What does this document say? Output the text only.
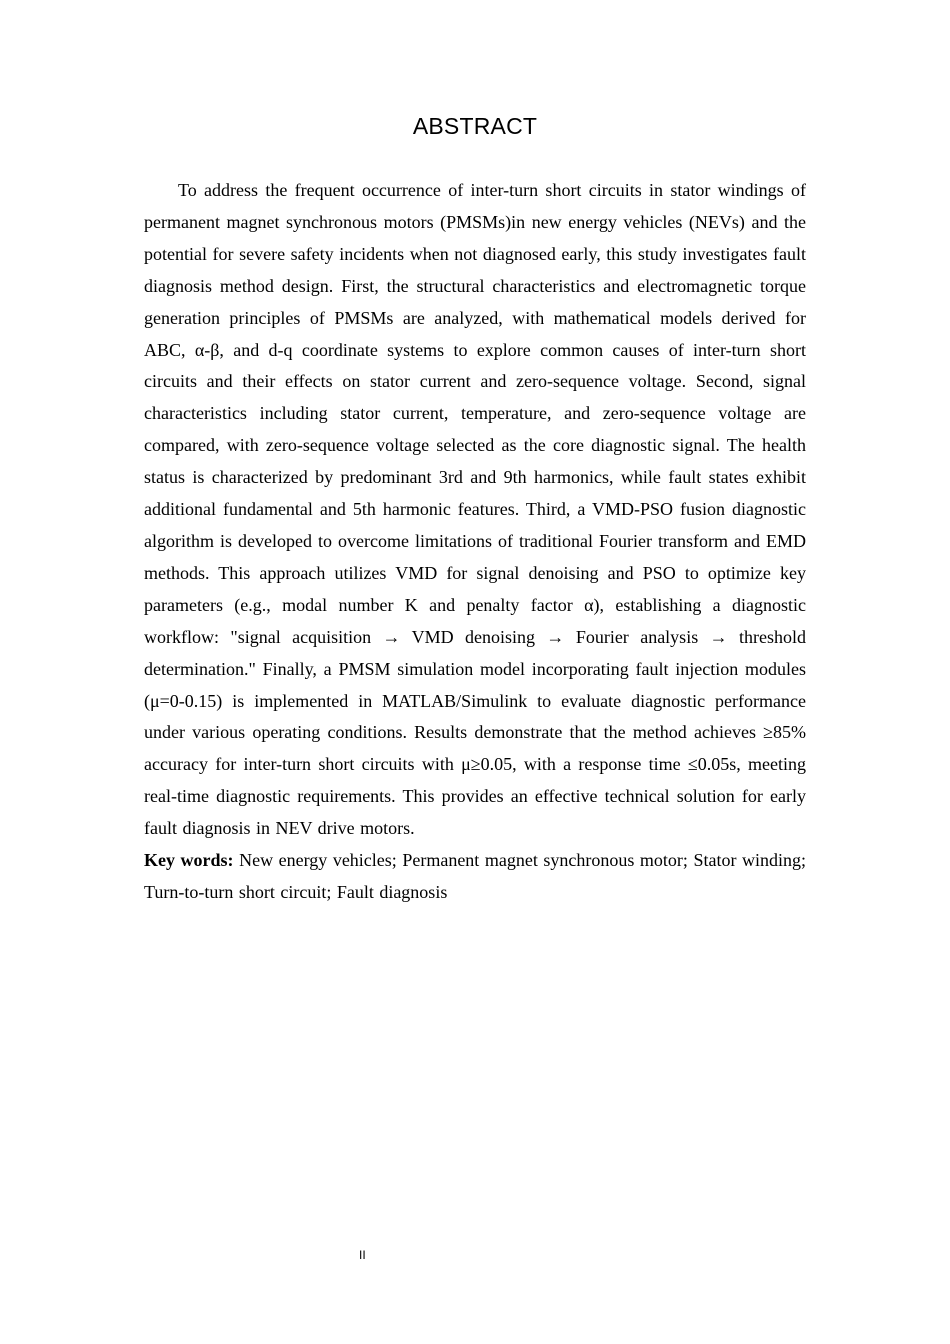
ABSTRACT

To address the frequent occurrence of inter-turn short circuits in stator windings of permanent magnet synchronous motors (PMSMs)in new energy vehicles (NEVs) and the potential for severe safety incidents when not diagnosed early, this study investigates fault diagnosis method design. First, the structural characteristics and electromagnetic torque generation principles of PMSMs are analyzed, with mathematical models derived for ABC, α-β, and d-q coordinate systems to explore common causes of inter-turn short circuits and their effects on stator current and zero-sequence voltage. Second, signal characteristics including stator current, temperature, and zero-sequence voltage are compared, with zero-sequence voltage selected as the core diagnostic signal. The health status is characterized by predominant 3rd and 9th harmonics, while fault states exhibit additional fundamental and 5th harmonic features. Third, a VMD-PSO fusion diagnostic algorithm is developed to overcome limitations of traditional Fourier transform and EMD methods. This approach utilizes VMD for signal denoising and PSO to optimize key parameters (e.g., modal number K and penalty factor α), establishing a diagnostic workflow: "signal acquisition → VMD denoising → Fourier analysis → threshold determination." Finally, a PMSM simulation model incorporating fault injection modules (μ=0-0.15) is implemented in MATLAB/Simulink to evaluate diagnostic performance under various operating conditions. Results demonstrate that the method achieves ≥85% accuracy for inter-turn short circuits with μ≥0.05, with a response time ≤0.05s, meeting real-time diagnostic requirements. This provides an effective technical solution for early fault diagnosis in NEV drive motors.

Key words: New energy vehicles; Permanent magnet synchronous motor; Stator winding; Turn-to-turn short circuit; Fault diagnosis

II
